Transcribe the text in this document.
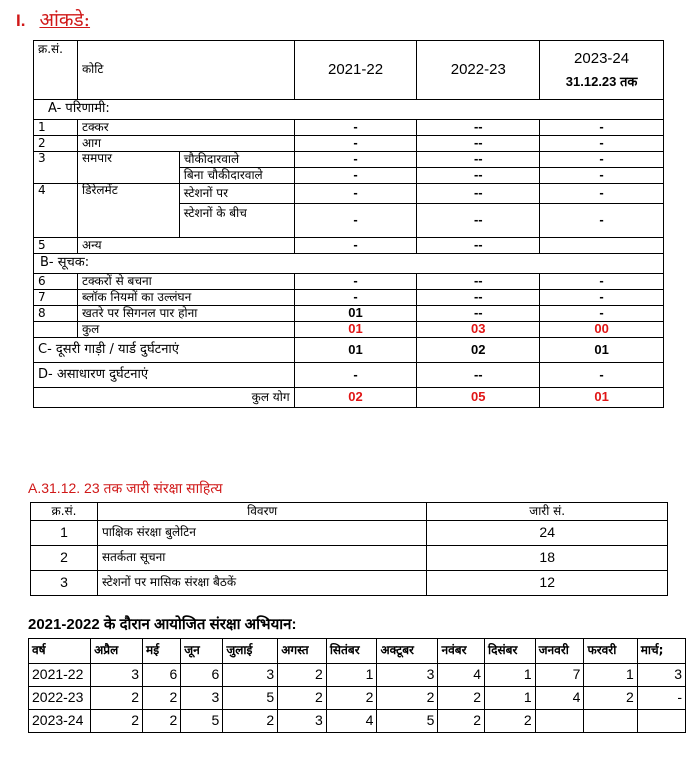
I. आंकडे:
क्र.सं.	कोटि		2021-22	2022-23	2023-24
31.12.23 तक

A- परिणामी:					
1	टक्कर		-	--	-
2	आग		-	--	-
3	समपार	चौकीदारवाले	-	--	-
		बिना चौकीदारवाले	-	--	-
4	डिरेलमेंट	स्टेशनों पर	-	--	-
		स्टेशनों के बीच	-	--	-
5	अन्य		-	--	
B- सूचक:					
6	टक्करों से बचना		-	--	-
7	ब्लॉक नियमों का उल्लंघन		-	--	-
8	खतरे पर सिगनल पार होना		01	--	-
	कुल		01	03	00
C- दूसरी गाड़ी / यार्ड दुर्घटनाएं			01	02	01
D- असाधारण दुर्घटनाएं			-	--	-
कुल योग			02	05	01
A.31.12. 23 तक जारी संरक्षा साहित्य
क्र.सं.	विवरण	जारी सं.
1	पाक्षिक संरक्षा बुलेटिन	24
2	सतर्कता सूचना	18
3	स्टेशनों पर मासिक संरक्षा बैठकें	12
2021-2022 के दौरान आयोजित संरक्षा अभियान:
वर्ष	अप्रैल	मई	जून	जुलाई	अगस्त	सितंबर	अक्टूबर	नवंबर	दिसंबर	जनवरी	फरवरी	मार्च;
2021-22	3	6	6	3	2	1	3	4	1	7	1	3
2022-23	2	2	3	5	2	2	2	2	1	4	2	-
2023-24	2	2	5	2	3	4	5	2	2			
